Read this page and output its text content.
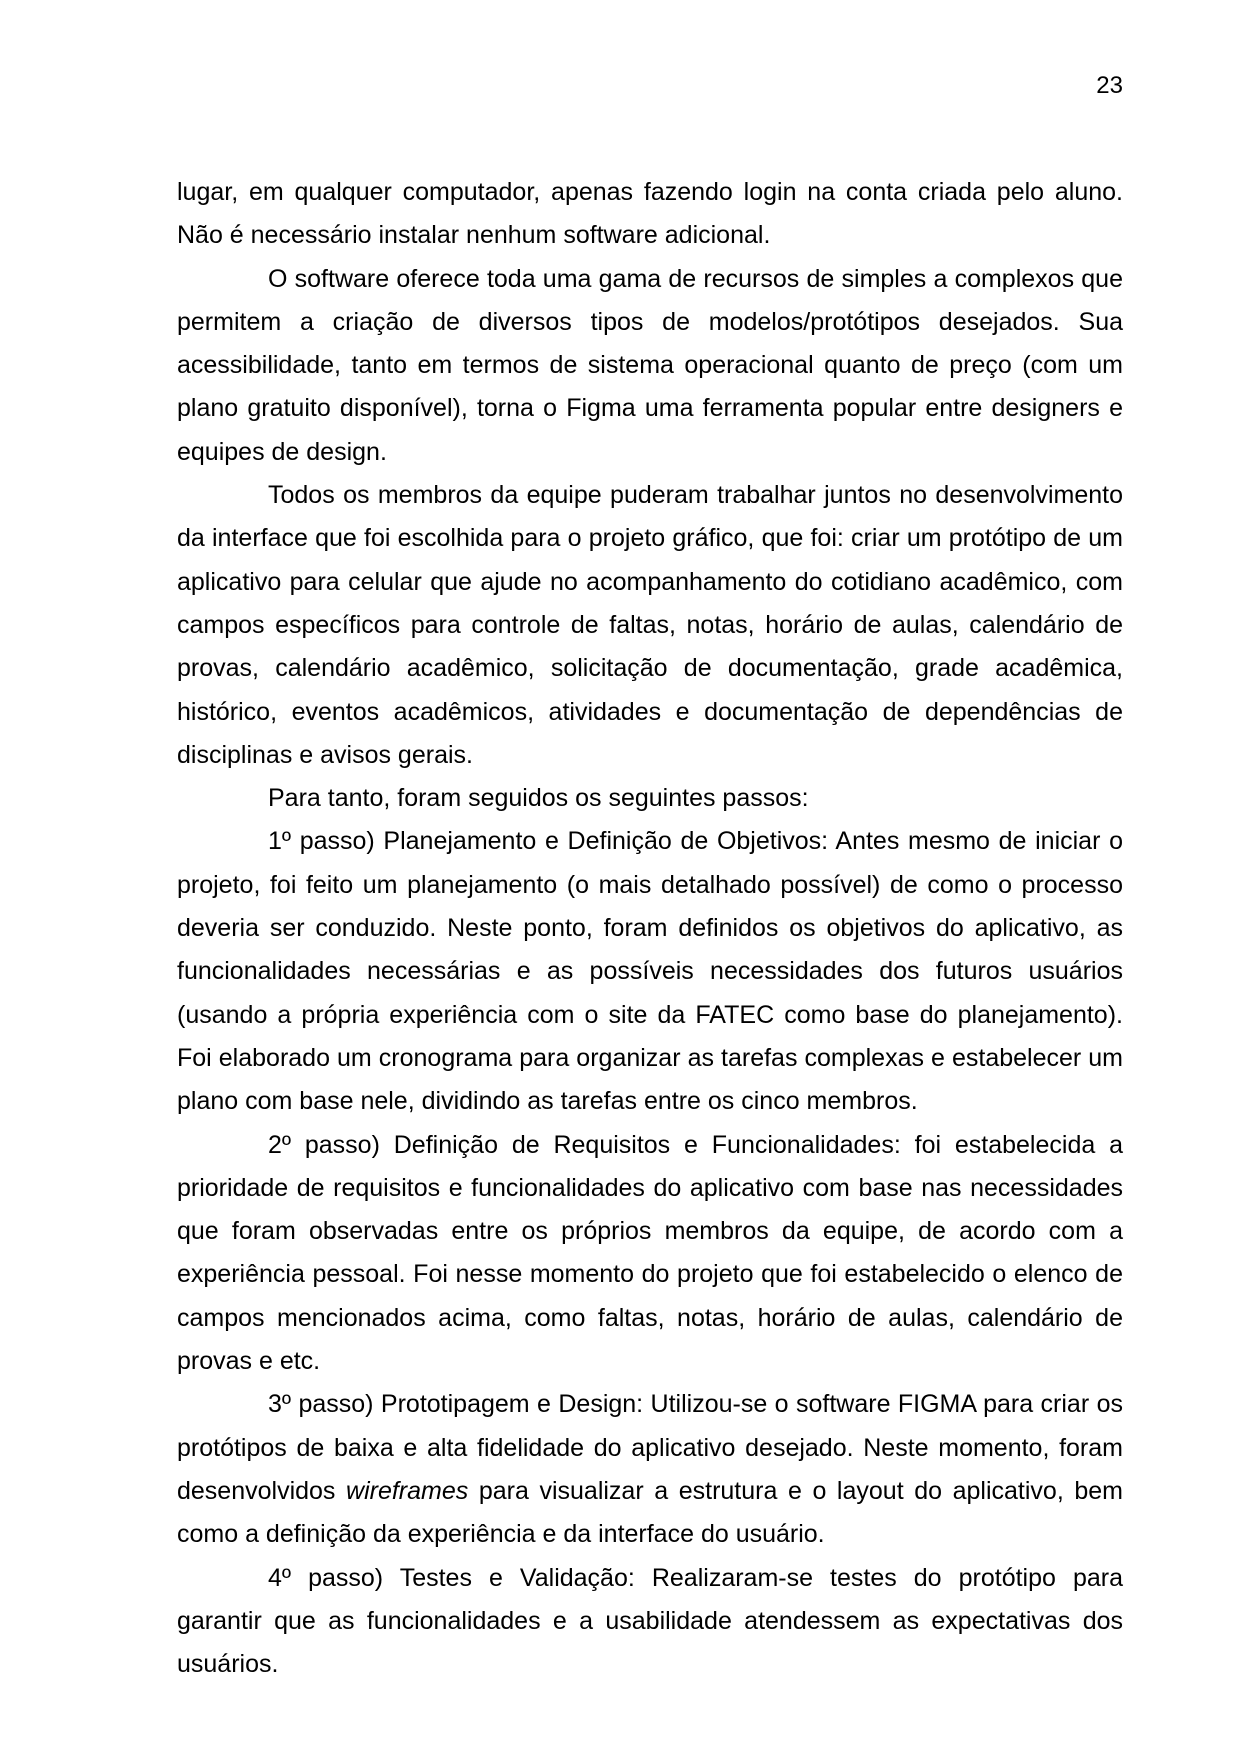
23

lugar, em qualquer computador, apenas fazendo login na conta criada pelo aluno. Não é necessário instalar nenhum software adicional.

O software oferece toda uma gama de recursos de simples a complexos que permitem a criação de diversos tipos de modelos/protótipos desejados. Sua acessibilidade, tanto em termos de sistema operacional quanto de preço (com um plano gratuito disponível), torna o Figma uma ferramenta popular entre designers e equipes de design.

Todos os membros da equipe puderam trabalhar juntos no desenvolvimento da interface que foi escolhida para o projeto gráfico, que foi: criar um protótipo de um aplicativo para celular que ajude no acompanhamento do cotidiano acadêmico, com campos específicos para controle de faltas, notas, horário de aulas, calendário de provas, calendário acadêmico, solicitação de documentação, grade acadêmica, histórico, eventos acadêmicos, atividades e documentação de dependências de disciplinas e avisos gerais.

Para tanto, foram seguidos os seguintes passos:

1º passo) Planejamento e Definição de Objetivos: Antes mesmo de iniciar o projeto, foi feito um planejamento (o mais detalhado possível) de como o processo deveria ser conduzido. Neste ponto, foram definidos os objetivos do aplicativo, as funcionalidades necessárias e as possíveis necessidades dos futuros usuários (usando a própria experiência com o site da FATEC como base do planejamento). Foi elaborado um cronograma para organizar as tarefas complexas e estabelecer um plano com base nele, dividindo as tarefas entre os cinco membros.

2º passo) Definição de Requisitos e Funcionalidades: foi estabelecida a prioridade de requisitos e funcionalidades do aplicativo com base nas necessidades que foram observadas entre os próprios membros da equipe, de acordo com a experiência pessoal. Foi nesse momento do projeto que foi estabelecido o elenco de campos mencionados acima, como faltas, notas, horário de aulas, calendário de provas e etc.

3º passo) Prototipagem e Design: Utilizou-se o software FIGMA para criar os protótipos de baixa e alta fidelidade do aplicativo desejado. Neste momento, foram desenvolvidos wireframes para visualizar a estrutura e o layout do aplicativo, bem como a definição da experiência e da interface do usuário.

4º passo) Testes e Validação: Realizaram-se testes do protótipo para garantir que as funcionalidades e a usabilidade atendessem as expectativas dos usuários.
